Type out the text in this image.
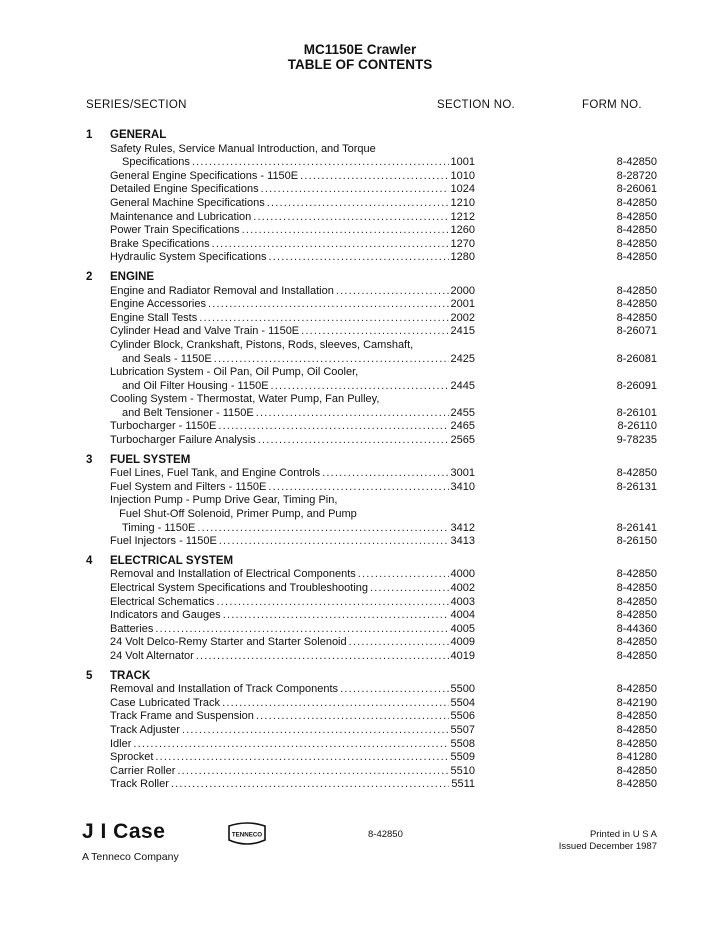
MC1150E Crawler
TABLE OF CONTENTS
SERIES/SECTION	SECTION NO.	FORM NO.
1	GENERAL
Safety Rules, Service Manual Introduction, and Torque
Specifications .....	1001	8-42850
General Engine Specifications - 1150E .....	1010	8-28720
Detailed Engine Specifications .....	1024	8-26061
General Machine Specifications .....	1210	8-42850
Maintenance and Lubrication .....	1212	8-42850
Power Train Specifications .....	1260	8-42850
Brake Specifications .....	1270	8-42850
Hydraulic System Specifications .....	1280	8-42850
2	ENGINE
Engine and Radiator Removal and Installation .....	2000	8-42850
Engine Accessories .....	2001	8-42850
Engine Stall Tests .....	2002	8-42850
Cylinder Head and Valve Train - 1150E .....	2415	8-26071
Cylinder Block, Crankshaft, Pistons, Rods, sleeves, Camshaft,
and Seals - 1150E .....	2425	8-26081
Lubrication System - Oil Pan, Oil Pump, Oil Cooler,
and Oil Filter Housing - 1150E .....	2445	8-26091
Cooling System - Thermostat, Water Pump, Fan Pulley,
and Belt Tensioner - 1150E .....	2455	8-26101
Turbocharger - 1150E .....	2465	8-26110
Turbocharger Failure Analysis .....	2565	9-78235
3	FUEL SYSTEM
Fuel Lines, Fuel Tank, and Engine Controls .....	3001	8-42850
Fuel System and Filters - 1150E .....	3410	8-26131
Injection Pump - Pump Drive Gear, Timing Pin,
Fuel Shut-Off Solenoid, Primer Pump, and Pump
Timing - 1150E .....	3412	8-26141
Fuel Injectors - 1150E .....	3413	8-26150
4	ELECTRICAL SYSTEM
Removal and Installation of Electrical Components .....	4000	8-42850
Electrical System Specifications and Troubleshooting .....	4002	8-42850
Electrical Schematics .....	4003	8-42850
Indicators and Gauges .....	4004	8-42850
Batteries .....	4005	8-44360
24 Volt Delco-Remy Starter and Starter Solenoid .....	4009	8-42850
24 Volt Alternator .....	4019	8-42850
5	TRACK
Removal and Installation of Track Components .....	5500	8-42850
Case Lubricated Track .....	5504	8-42190
Track Frame and Suspension .....	5506	8-42850
Track Adjuster .....	5507	8-42850
Idler .....	5508	8-42850
Sprocket .....	5509	8-41280
Carrier Roller .....	5510	8-42850
Track Roller .....	5511	8-42850
J I Case
A Tenneco Company
TENNECO	8-42850	Printed in U S A
Issued December 1987
